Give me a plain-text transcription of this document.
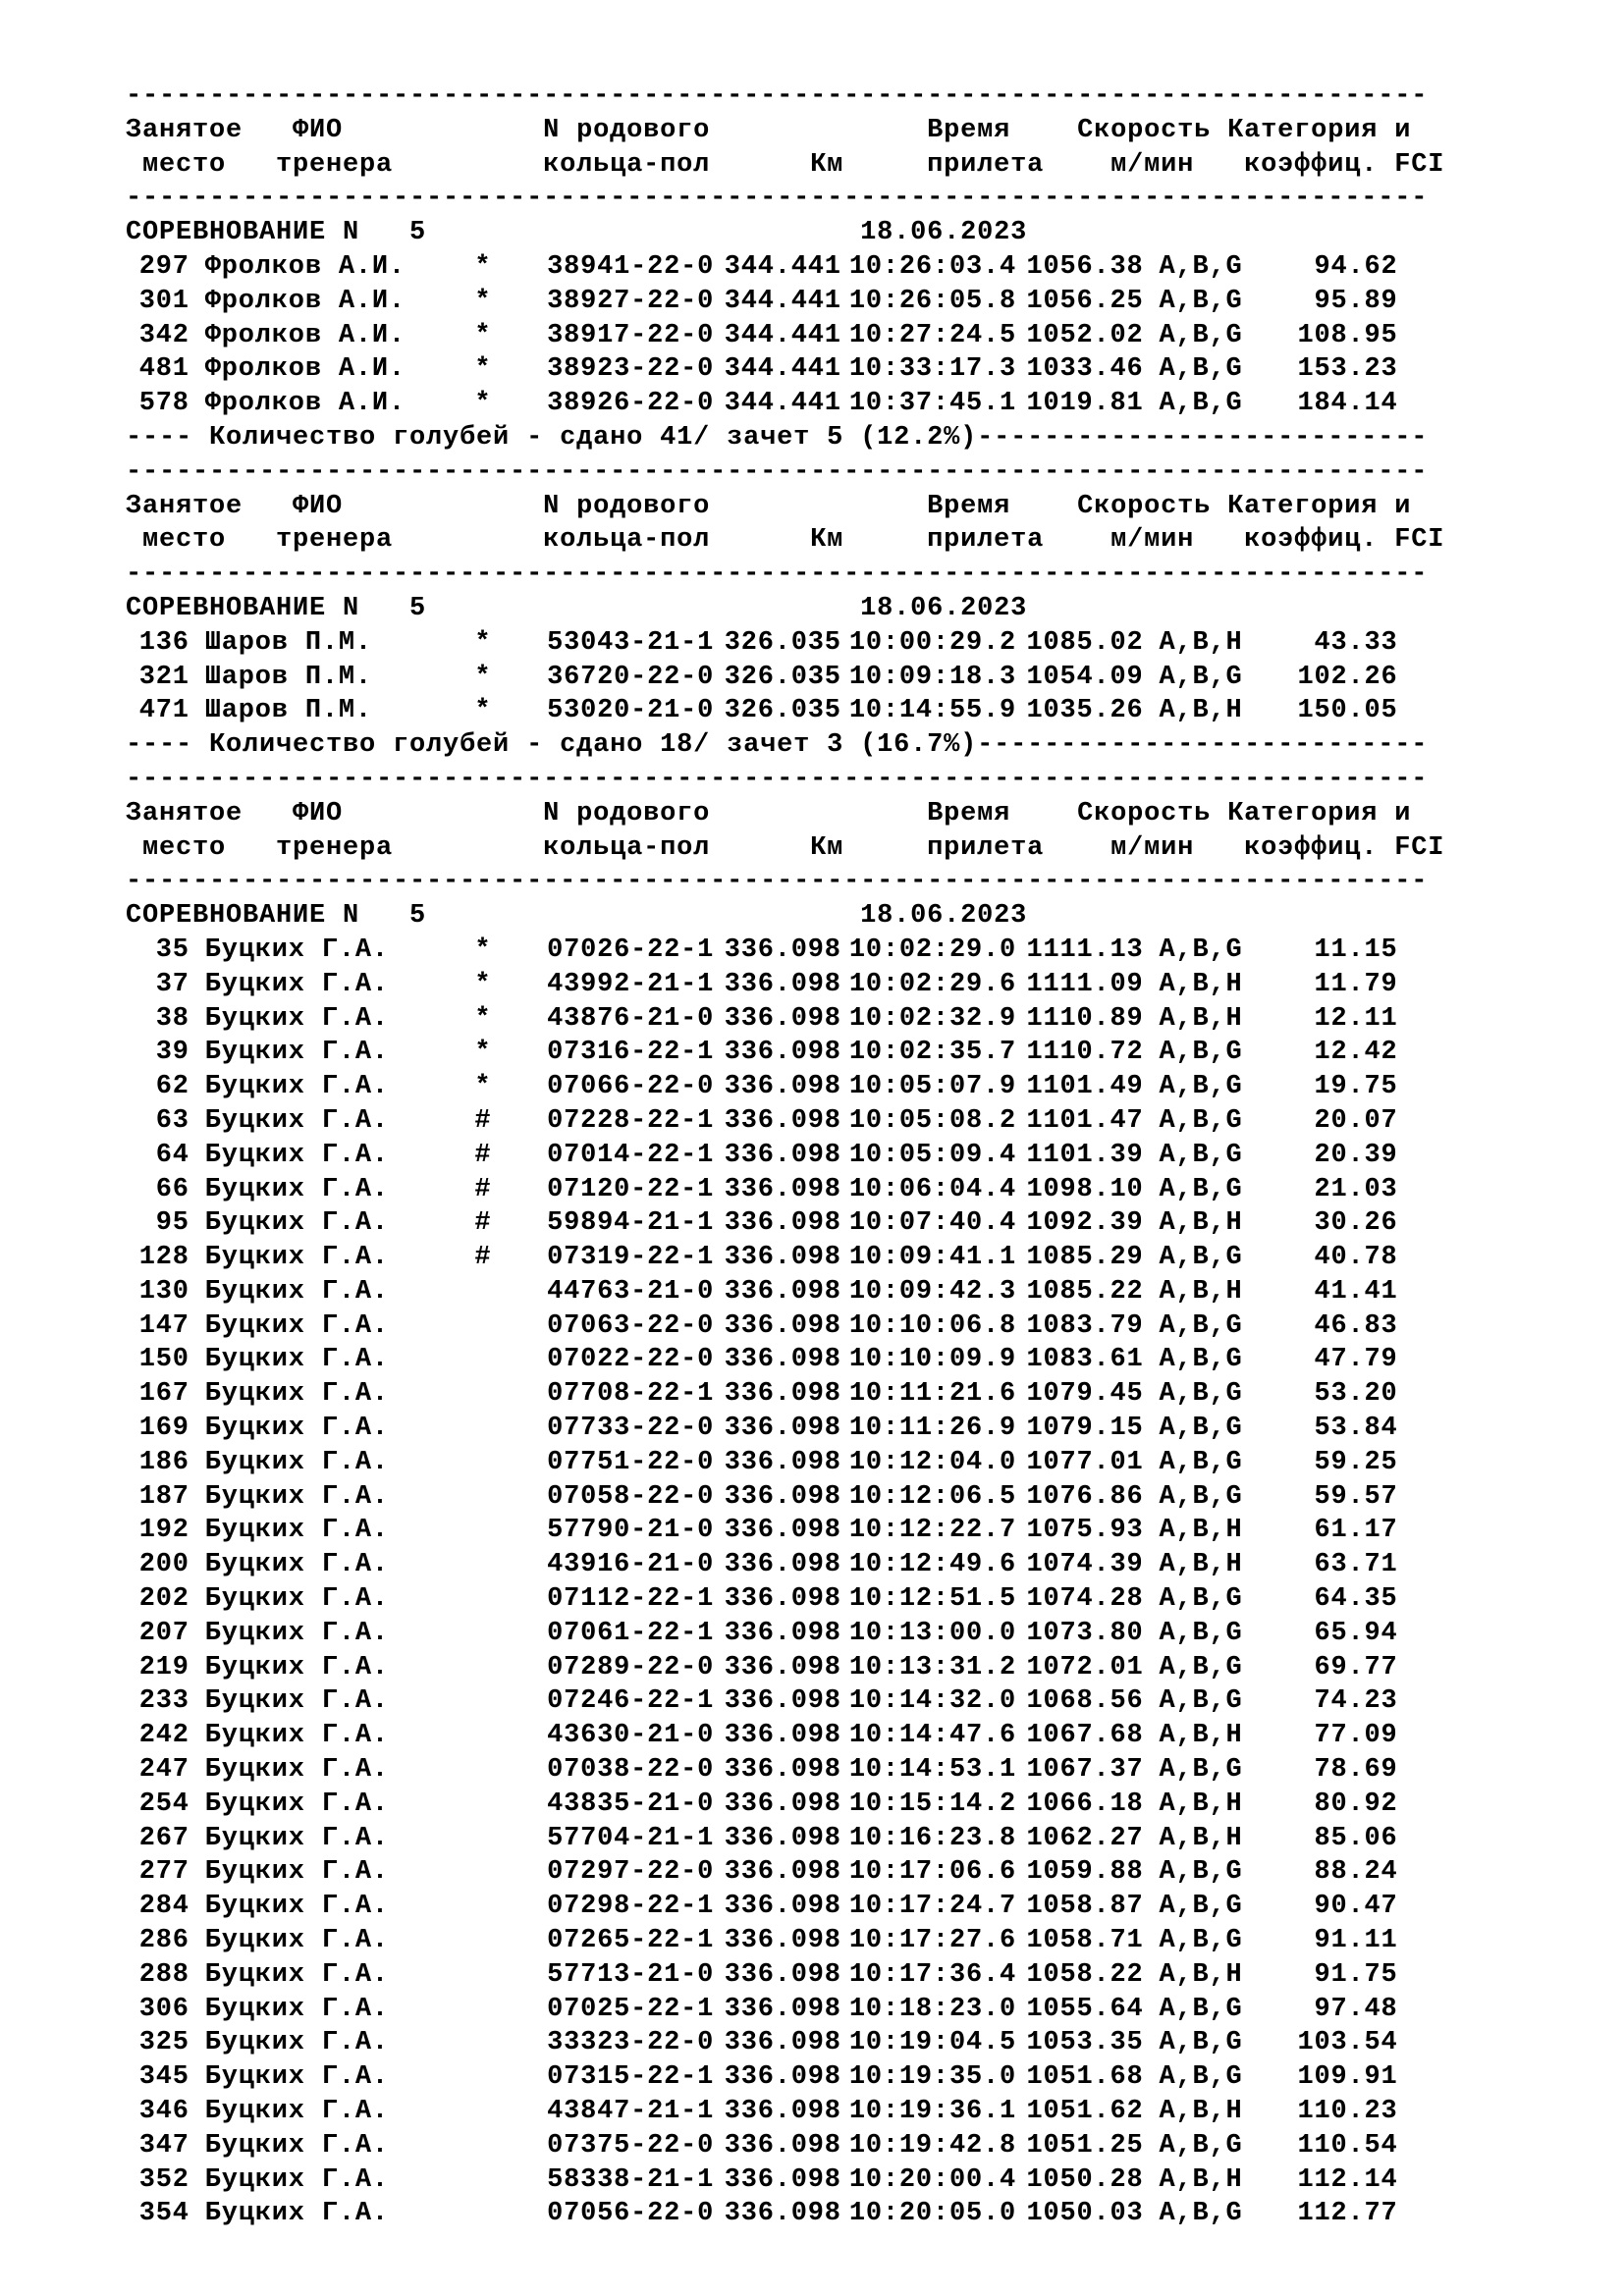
------------------------------------------------------------------------------
Занятое   ФИО            N родового             Время    Скорость Категория и
место   тренера         кольца-пол      Км     прилета    м/мин   коэффиц. FCI
------------------------------------------------------------------------------
СОРЕВНОВАНИЕ N   5                          18.06.2023
297 Фролков А.И.	* 38941-22-0 344.441 10:26:03.4 1056.38 A,B,G	94.62
301 Фролков А.И.	* 38927-22-0 344.441 10:26:05.8 1056.25 A,B,G	95.89
342 Фролков А.И.	* 38917-22-0 344.441 10:27:24.5 1052.02 A,B,G 108.95
481 Фролков А.И.	* 38923-22-0 344.441 10:33:17.3 1033.46 A,B,G 153.23
578 Фролков А.И.	* 38926-22-0 344.441 10:37:45.1 1019.81 A,B,G 184.14
---- Количество голубей - сдано 41/ зачет 5 (12.2%)---------------------------
------------------------------------------------------------------------------
Занятое   ФИО            N родового             Время    Скорость Категория и
место   тренера         кольца-пол      Км     прилета    м/мин   коэффиц. FCI
------------------------------------------------------------------------------
СОРЕВНОВАНИЕ N   5                          18.06.2023
136 Шаров П.М.	* 53043-21-1 326.035 10:00:29.2 1085.02 A,B,H	43.33
321 Шаров П.М.	* 36720-22-0 326.035 10:09:18.3 1054.09 A,B,G 102.26
471 Шаров П.М.	* 53020-21-0 326.035 10:14:55.9 1035.26 A,B,H 150.05
---- Количество голубей - сдано 18/ зачет 3 (16.7%)---------------------------
------------------------------------------------------------------------------
Занятое   ФИО            N родового             Время    Скорость Категория и
место   тренера         кольца-пол      Км     прилета    м/мин   коэффиц. FCI
------------------------------------------------------------------------------
СОРЕВНОВАНИЕ N   5                          18.06.2023
35 Буцких Г.А.	* 07026-22-1 336.098 10:02:29.0 1111.13 A,B,G	11.15
37 Буцких Г.А.	* 43992-21-1 336.098 10:02:29.6 1111.09 A,B,H	11.79
38 Буцких Г.А.	* 43876-21-0 336.098 10:02:32.9 1110.89 A,B,H	12.11
39 Буцких Г.А.	* 07316-22-1 336.098 10:02:35.7 1110.72 A,B,G	12.42
62 Буцких Г.А.	* 07066-22-0 336.098 10:05:07.9 1101.49 A,B,G	19.75
63 Буцких Г.А.	# 07228-22-1 336.098 10:05:08.2 1101.47 A,B,G	20.07
64 Буцких Г.А.	# 07014-22-1 336.098 10:05:09.4 1101.39 A,B,G	20.39
66 Буцких Г.А.	# 07120-22-1 336.098 10:06:04.4 1098.10 A,B,G	21.03
95 Буцких Г.А.	# 59894-21-1 336.098 10:07:40.4 1092.39 A,B,H	30.26
128 Буцких Г.А.	# 07319-22-1 336.098 10:09:41.1 1085.29 A,B,G	40.78
130 Буцких Г.А.	44763-21-0 336.098 10:09:42.3 1085.22 A,B,H	41.41
147 Буцких Г.А.	07063-22-0 336.098 10:10:06.8 1083.79 A,B,G	46.83
150 Буцких Г.А.	07022-22-0 336.098 10:10:09.9 1083.61 A,B,G	47.79
167 Буцких Г.А.	07708-22-1 336.098 10:11:21.6 1079.45 A,B,G	53.20
169 Буцких Г.А.	07733-22-0 336.098 10:11:26.9 1079.15 A,B,G	53.84
186 Буцких Г.А.	07751-22-0 336.098 10:12:04.0 1077.01 A,B,G	59.25
187 Буцких Г.А.	07058-22-0 336.098 10:12:06.5 1076.86 A,B,G	59.57
192 Буцких Г.А.	57790-21-0 336.098 10:12:22.7 1075.93 A,B,H	61.17
200 Буцких Г.А.	43916-21-0 336.098 10:12:49.6 1074.39 A,B,H	63.71
202 Буцких Г.А.	07112-22-1 336.098 10:12:51.5 1074.28 A,B,G	64.35
207 Буцких Г.А.	07061-22-1 336.098 10:13:00.0 1073.80 A,B,G	65.94
219 Буцких Г.А.	07289-22-0 336.098 10:13:31.2 1072.01 A,B,G	69.77
233 Буцких Г.А.	07246-22-1 336.098 10:14:32.0 1068.56 A,B,G	74.23
242 Буцких Г.А.	43630-21-0 336.098 10:14:47.6 1067.68 A,B,H	77.09
247 Буцких Г.А.	07038-22-0 336.098 10:14:53.1 1067.37 A,B,G	78.69
254 Буцких Г.А.	43835-21-0 336.098 10:15:14.2 1066.18 A,B,H	80.92
267 Буцких Г.А.	57704-21-1 336.098 10:16:23.8 1062.27 A,B,H	85.06
277 Буцких Г.А.	07297-22-0 336.098 10:17:06.6 1059.88 A,B,G	88.24
284 Буцких Г.А.	07298-22-1 336.098 10:17:24.7 1058.87 A,B,G	90.47
286 Буцких Г.А.	07265-22-1 336.098 10:17:27.6 1058.71 A,B,G	91.11
288 Буцких Г.А.	57713-21-0 336.098 10:17:36.4 1058.22 A,B,H	91.75
306 Буцких Г.А.	07025-22-1 336.098 10:18:23.0 1055.64 A,B,G	97.48
325 Буцких Г.А.	33323-22-0 336.098 10:19:04.5 1053.35 A,B,G 103.54
345 Буцких Г.А.	07315-22-1 336.098 10:19:35.0 1051.68 A,B,G 109.91
346 Буцких Г.А.	43847-21-1 336.098 10:19:36.1 1051.62 A,B,H 110.23
347 Буцких Г.А.	07375-22-0 336.098 10:19:42.8 1051.25 A,B,G 110.54
352 Буцких Г.А.	58338-21-1 336.098 10:20:00.4 1050.28 A,B,H 112.14
354 Буцких Г.А.	07056-22-0 336.098 10:20:05.0 1050.03 A,B,G 112.77
